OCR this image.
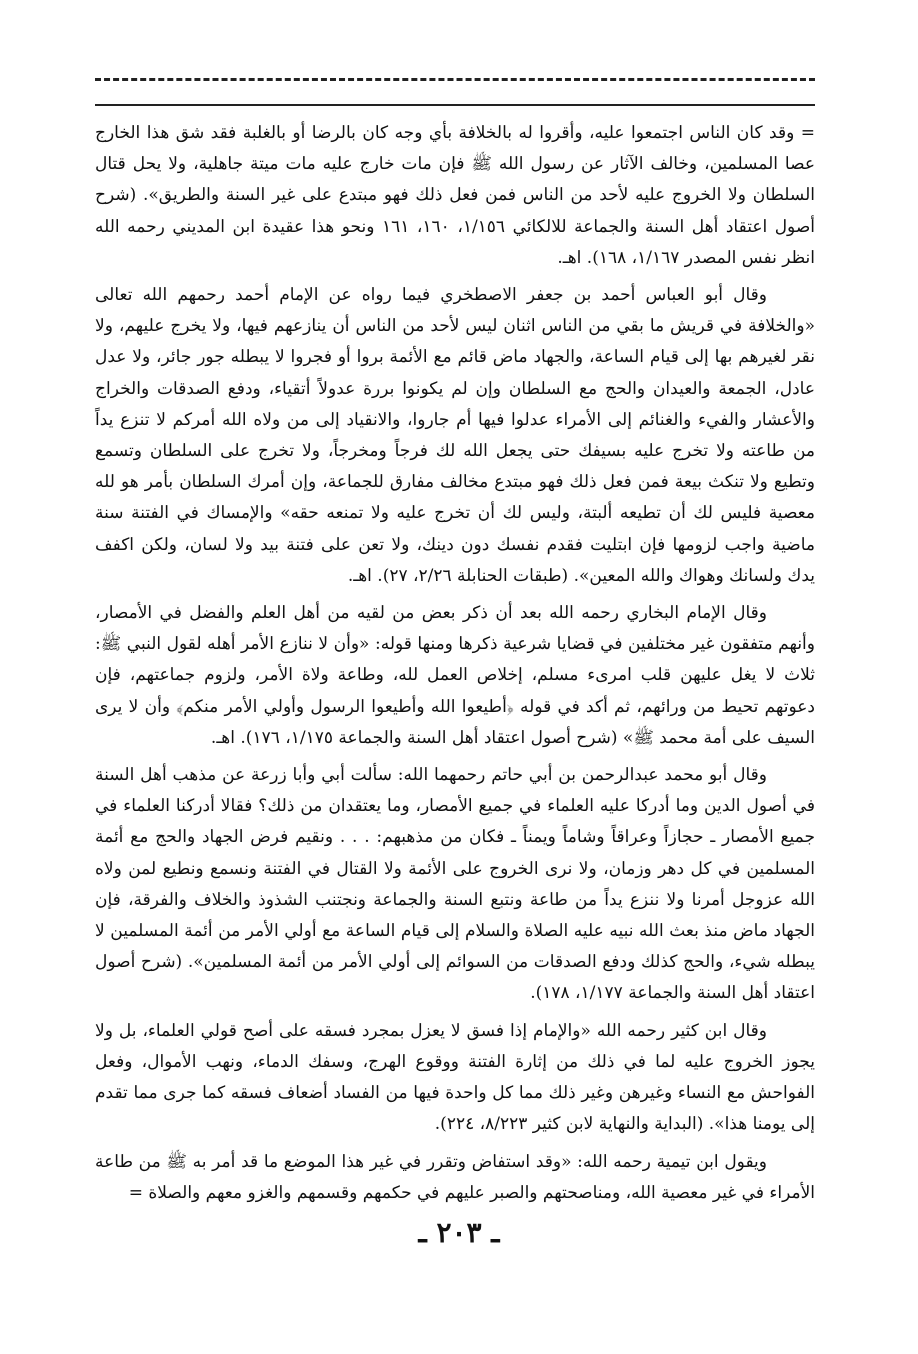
= وقد كان الناس اجتمعوا عليه، وأقروا له بالخلافة بأي وجه كان بالرضا أو بالغلبة فقد شق هذا الخارج عصا المسلمين، وخالف الآثار عن رسول الله ﷺ فإن مات خارج عليه مات ميتة جاهلية، ولا يحل قتال السلطان ولا الخروج عليه لأحد من الناس فمن فعل ذلك فهو مبتدع على غير السنة والطريق». (شرح أصول اعتقاد أهل السنة والجماعة للالكائي ١/١٥٦، ١٦٠، ١٦١ ونحو هذا عقيدة ابن المديني رحمه الله انظر نفس المصدر ١/١٦٧، ١٦٨). اهـ.

وقال أبو العباس أحمد بن جعفر الاصطخري فيما رواه عن الإمام أحمد رحمهم الله تعالى «والخلافة في قريش ما بقي من الناس اثنان ليس لأحد من الناس أن ينازعهم فيها، ولا يخرج عليهم، ولا نقر لغيرهم بها إلى قيام الساعة، والجهاد ماض قائم مع الأئمة بروا أو فجروا لا يبطله جور جائر، ولا عدل عادل، الجمعة والعيدان والحج مع السلطان وإن لم يكونوا بررة عدولاً أتقياء، ودفع الصدقات والخراج والأعشار والفيء والغنائم إلى الأمراء عدلوا فيها أم جاروا، والانقياد إلى من ولاه الله أمركم لا تنزع يداً من طاعته ولا تخرج عليه بسيفك حتى يجعل الله لك فرجاً ومخرجاً، ولا تخرج على السلطان وتسمع وتطيع ولا تنكث بيعة فمن فعل ذلك فهو مبتدع مخالف مفارق للجماعة، وإن أمرك السلطان بأمر هو لله معصية فليس لك أن تطيعه ألبتة، وليس لك أن تخرج عليه ولا تمنعه حقه» والإمساك في الفتنة سنة ماضية واجب لزومها فإن ابتليت فقدم نفسك دون دينك، ولا تعن على فتنة بيد ولا لسان، ولكن اكفف يدك ولسانك وهواك والله المعين». (طبقات الحنابلة ٢/٢٦، ٢٧). اهـ.

وقال الإمام البخاري رحمه الله بعد أن ذكر بعض من لقيه من أهل العلم والفضل في الأمصار، وأنهم متفقون غير مختلفين في قضايا شرعية ذكرها ومنها قوله: «وأن لا ننازع الأمر أهله لقول النبي ﷺ: ثلاث لا يغل عليهن قلب امرىء مسلم، إخلاص العمل لله، وطاعة ولاة الأمر، ولزوم جماعتهم، فإن دعوتهم تحيط من ورائهم، ثم أكد في قوله ﴿أطيعوا الله وأطيعوا الرسول وأولي الأمر منكم﴾ وأن لا يرى السيف على أمة محمد ﷺ» (شرح أصول اعتقاد أهل السنة والجماعة ١/١٧٥، ١٧٦). اهـ.

وقال أبو محمد عبدالرحمن بن أبي حاتم رحمهما الله: سألت أبي وأبا زرعة عن مذهب أهل السنة في أصول الدين وما أدركا عليه العلماء في جميع الأمصار، وما يعتقدان من ذلك؟ فقالا أدركنا العلماء في جميع الأمصار ـ حجازاً وعراقاً وشاماً ويمناً ـ فكان من مذهبهم: . . . ونقيم فرض الجهاد والحج مع أئمة المسلمين في كل دهر وزمان، ولا نرى الخروج على الأئمة ولا القتال في الفتنة ونسمع ونطيع لمن ولاه الله عزوجل أمرنا ولا ننزع يداً من طاعة ونتبع السنة والجماعة ونجتنب الشذوذ والخلاف والفرقة، فإن الجهاد ماض منذ بعث الله نبيه عليه الصلاة والسلام إلى قيام الساعة مع أولي الأمر من أئمة المسلمين لا يبطله شيء، والحج كذلك ودفع الصدقات من السوائم إلى أولي الأمر من أئمة المسلمين». (شرح أصول اعتقاد أهل السنة والجماعة ١/١٧٧، ١٧٨).

وقال ابن كثير رحمه الله «والإمام إذا فسق لا يعزل بمجرد فسقه على أصح قولي العلماء، بل ولا يجوز الخروج عليه لما في ذلك من إثارة الفتنة ووقوع الهرج، وسفك الدماء، ونهب الأموال، وفعل الفواحش مع النساء وغيرهن وغير ذلك مما كل واحدة فيها من الفساد أضعاف فسقه كما جرى مما تقدم إلى يومنا هذا». (البداية والنهاية لابن كثير ٨/٢٢٣، ٢٢٤).

ويقول ابن تيمية رحمه الله: «وقد استفاض وتقرر في غير هذا الموضع ما قد أمر به ﷺ من طاعة الأمراء في غير معصية الله، ومناصحتهم والصبر عليهم في حكمهم وقسمهم والغزو معهم والصلاة =

ـ ٢٠٣ ـ
